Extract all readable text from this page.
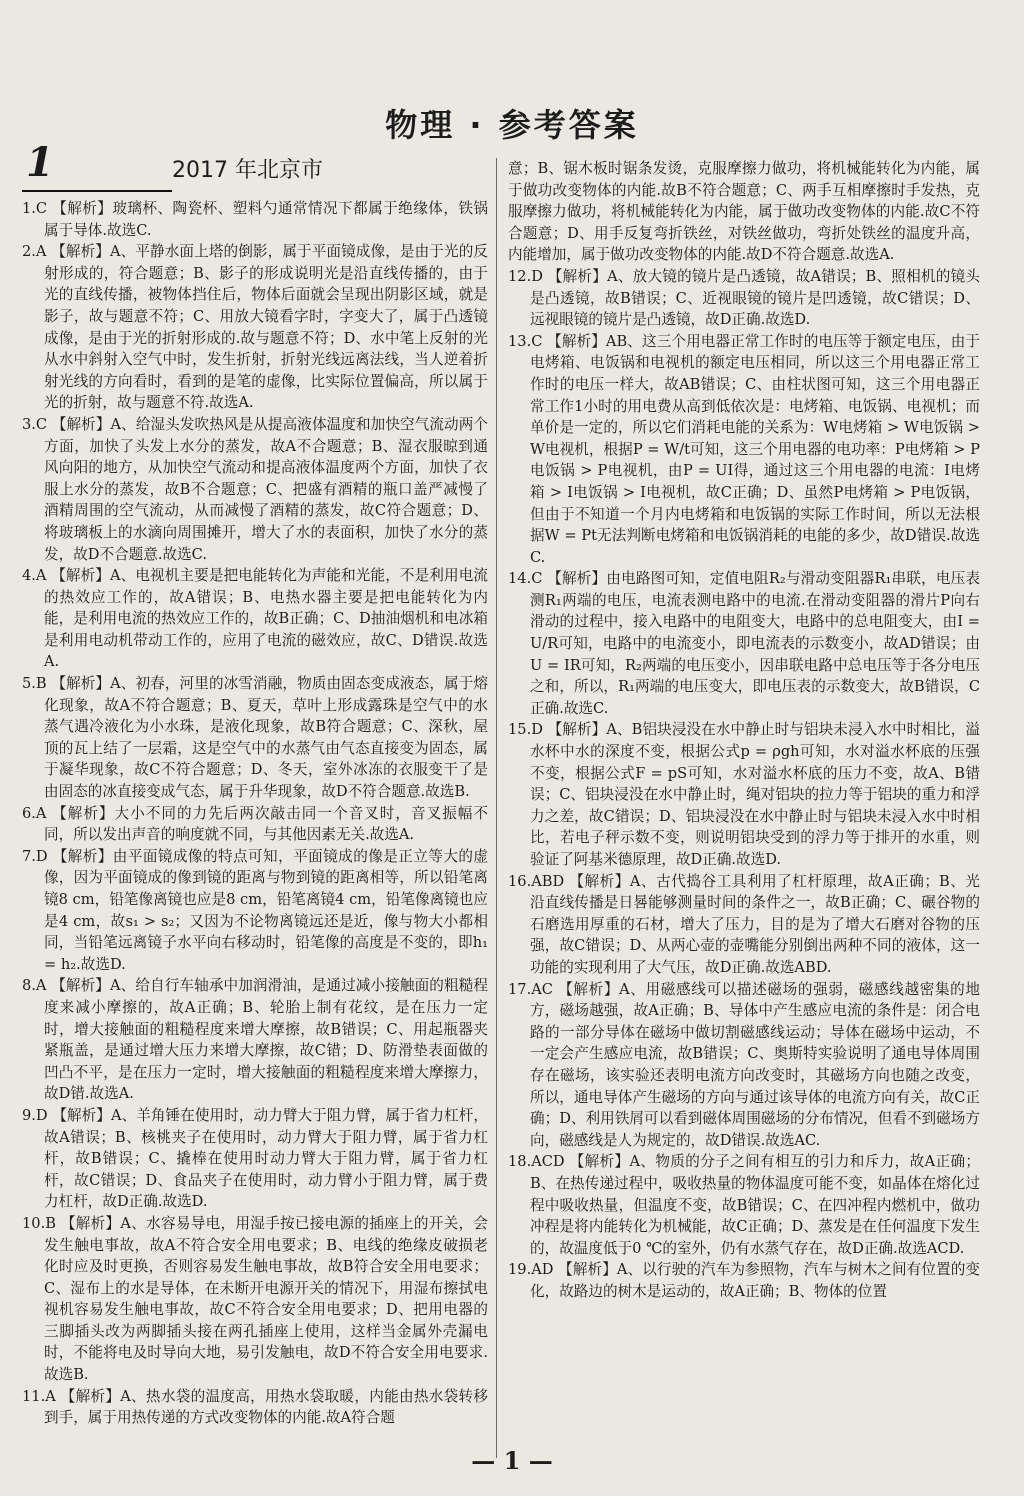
物理 · 参考答案
1	2017 年北京市

1.C 【解析】玻璃杯、陶瓷杯、塑料勺通常情况下都属于绝缘体，铁锅属于导体.故选C.

2.A 【解析】A、平静水面上塔的倒影，属于平面镜成像，是由于光的反射形成的，符合题意；B、影子的形成说明光是沿直线传播的，由于光的直线传播，被物体挡住后，物体后面就会呈现出阴影区域，就是影子，故与题意不符；C、用放大镜看字时，字变大了，属于凸透镜成像，是由于光的折射形成的.故与题意不符；D、水中笔上反射的光从水中斜射入空气中时，发生折射，折射光线远离法线，当人逆着折射光线的方向看时，看到的是笔的虚像，比实际位置偏高，所以属于光的折射，故与题意不符.故选A.

3.C 【解析】A、给湿头发吹热风是从提高液体温度和加快空气流动两个方面，加快了头发上水分的蒸发，故A不合题意；B、湿衣服晾到通风向阳的地方，从加快空气流动和提高液体温度两个方面，加快了衣服上水分的蒸发，故B不合题意；C、把盛有酒精的瓶口盖严减慢了酒精周围的空气流动，从而减慢了酒精的蒸发，故C符合题意；D、将玻璃板上的水滴向周围摊开，增大了水的表面积，加快了水分的蒸发，故D不合题意.故选C.

4.A 【解析】A、电视机主要是把电能转化为声能和光能，不是利用电流的热效应工作的，故A错误；B、电热水器主要是把电能转化为内能，是利用电流的热效应工作的，故B正确；C、D抽油烟机和电冰箱是利用电动机带动工作的，应用了电流的磁效应，故C、D错误.故选A.

5.B 【解析】A、初春，河里的冰雪消融，物质由固态变成液态，属于熔化现象，故A不符合题意；B、夏天，草叶上形成露珠是空气中的水蒸气遇冷液化为小水珠，是液化现象，故B符合题意；C、深秋，屋顶的瓦上结了一层霜，这是空气中的水蒸气由气态直接变为固态，属于凝华现象，故C不符合题意；D、冬天，室外冰冻的衣服变干了是由固态的冰直接变成气态，属于升华现象，故D不符合题意.故选B.

6.A 【解析】大小不同的力先后两次敲击同一个音叉时，音叉振幅不同，所以发出声音的响度就不同，与其他因素无关.故选A.

7.D 【解析】由平面镜成像的特点可知，平面镜成的像是正立等大的虚像，因为平面镜成的像到镜的距离与物到镜的距离相等，所以铅笔离镜8 cm，铅笔像离镜也应是8 cm，铅笔离镜4 cm，铅笔像离镜也应是4 cm，故s₁ > s₂；又因为不论物离镜远还是近，像与物大小都相同，当铅笔远离镜子水平向右移动时，铅笔像的高度是不变的，即h₁ = h₂.故选D.

8.A 【解析】A、给自行车轴承中加润滑油，是通过减小接触面的粗糙程度来减小摩擦的，故A正确；B、轮胎上制有花纹，是在压力一定时，增大接触面的粗糙程度来增大摩擦，故B错误；C、用起瓶器夹紧瓶盖，是通过增大压力来增大摩擦，故C错；D、防滑垫表面做的凹凸不平，是在压力一定时，增大接触面的粗糙程度来增大摩擦力，故D错.故选A.

9.D 【解析】A、羊角锤在使用时，动力臂大于阻力臂，属于省力杠杆，故A错误；B、核桃夹子在使用时，动力臂大于阻力臂，属于省力杠杆，故B错误；C、撬棒在使用时动力臂大于阻力臂，属于省力杠杆，故C错误；D、食品夹子在使用时，动力臂小于阻力臂，属于费力杠杆，故D正确.故选D.

10.B 【解析】A、水容易导电，用湿手按已接电源的插座上的开关，会发生触电事故，故A不符合安全用电要求；B、电线的绝缘皮破损老化时应及时更换，否则容易发生触电事故，故B符合安全用电要求；C、湿布上的水是导体，在未断开电源开关的情况下，用湿布擦拭电视机容易发生触电事故，故C不符合安全用电要求；D、把用电器的三脚插头改为两脚插头接在两孔插座上使用，这样当金属外壳漏电时，不能将电及时导向大地，易引发触电，故D不符合安全用电要求.故选B.

11.A 【解析】A、热水袋的温度高，用热水袋取暖，内能由热水袋转移到手，属于用热传递的方式改变物体的内能.故A符合题

意；B、锯木板时锯条发烫，克服摩擦力做功，将机械能转化为内能，属于做功改变物体的内能.故B不符合题意；C、两手互相摩擦时手发热，克服摩擦力做功，将机械能转化为内能，属于做功改变物体的内能.故C不符合题意；D、用手反复弯折铁丝，对铁丝做功，弯折处铁丝的温度升高，内能增加，属于做功改变物体的内能.故D不符合题意.故选A.

12.D 【解析】A、放大镜的镜片是凸透镜，故A错误；B、照相机的镜头是凸透镜，故B错误；C、近视眼镜的镜片是凹透镜，故C错误；D、远视眼镜的镜片是凸透镜，故D正确.故选D.

13.C 【解析】AB、这三个用电器正常工作时的电压等于额定电压，由于电烤箱、电饭锅和电视机的额定电压相同，所以这三个用电器正常工作时的电压一样大，故AB错误；C、由柱状图可知，这三个用电器正常工作1小时的用电费从高到低依次是：电烤箱、电饭锅、电视机；而单价是一定的，所以它们消耗电能的关系为：W电烤箱 > W电饭锅 > W电视机，根据P = W/t可知，这三个用电器的电功率：P电烤箱 > P电饭锅 > P电视机，由P = UI得，通过这三个用电器的电流：I电烤箱 > I电饭锅 > I电视机，故C正确；D、虽然P电烤箱 > P电饭锅，但由于不知道一个月内电烤箱和电饭锅的实际工作时间，所以无法根据W = Pt无法判断电烤箱和电饭锅消耗的电能的多少，故D错误.故选C.

14.C 【解析】由电路图可知，定值电阻R₂与滑动变阻器R₁串联，电压表测R₁两端的电压，电流表测电路中的电流.在滑动变阻器的滑片P向右滑动的过程中，接入电路中的电阻变大，电路中的总电阻变大，由I = U/R可知，电路中的电流变小，即电流表的示数变小，故AD错误；由U = IR可知，R₂两端的电压变小，因串联电路中总电压等于各分电压之和，所以，R₁两端的电压变大，即电压表的示数变大，故B错误，C正确.故选C.

15.D 【解析】A、B铝块浸没在水中静止时与铝块未浸入水中时相比，溢水杯中水的深度不变，根据公式p = ρgh可知，水对溢水杯底的压强不变，根据公式F = pS可知，水对溢水杯底的压力不变，故A、B错误；C、铝块浸没在水中静止时，绳对铝块的拉力等于铝块的重力和浮力之差，故C错误；D、铝块浸没在水中静止时与铝块未浸入水中时相比，若电子秤示数不变，则说明铝块受到的浮力等于排开的水重，则验证了阿基米德原理，故D正确.故选D.

16.ABD 【解析】A、古代捣谷工具利用了杠杆原理，故A正确；B、光沿直线传播是日晷能够测量时间的条件之一，故B正确；C、碾谷物的石磨选用厚重的石材，增大了压力，目的是为了增大石磨对谷物的压强，故C错误；D、从两心壶的壶嘴能分别倒出两种不同的液体，这一功能的实现利用了大气压，故D正确.故选ABD.

17.AC 【解析】A、用磁感线可以描述磁场的强弱，磁感线越密集的地方，磁场越强，故A正确；B、导体中产生感应电流的条件是：闭合电路的一部分导体在磁场中做切割磁感线运动；导体在磁场中运动，不一定会产生感应电流，故B错误；C、奥斯特实验说明了通电导体周围存在磁场，该实验还表明电流方向改变时，其磁场方向也随之改变，所以，通电导体产生磁场的方向与通过该导体的电流方向有关，故C正确；D、利用铁屑可以看到磁体周围磁场的分布情况，但看不到磁场方向，磁感线是人为规定的，故D错误.故选AC.

18.ACD 【解析】A、物质的分子之间有相互的引力和斥力，故A正确；B、在热传递过程中，吸收热量的物体温度可能不变，如晶体在熔化过程中吸收热量，但温度不变，故B错误；C、在四冲程内燃机中，做功冲程是将内能转化为机械能，故C正确；D、蒸发是在任何温度下发生的，故温度低于0 ℃的室外，仍有水蒸气存在，故D正确.故选ACD.

19.AD 【解析】A、以行驶的汽车为参照物，汽车与树木之间有位置的变化，故路边的树木是运动的，故A正确；B、物体的位置

— 1 —
